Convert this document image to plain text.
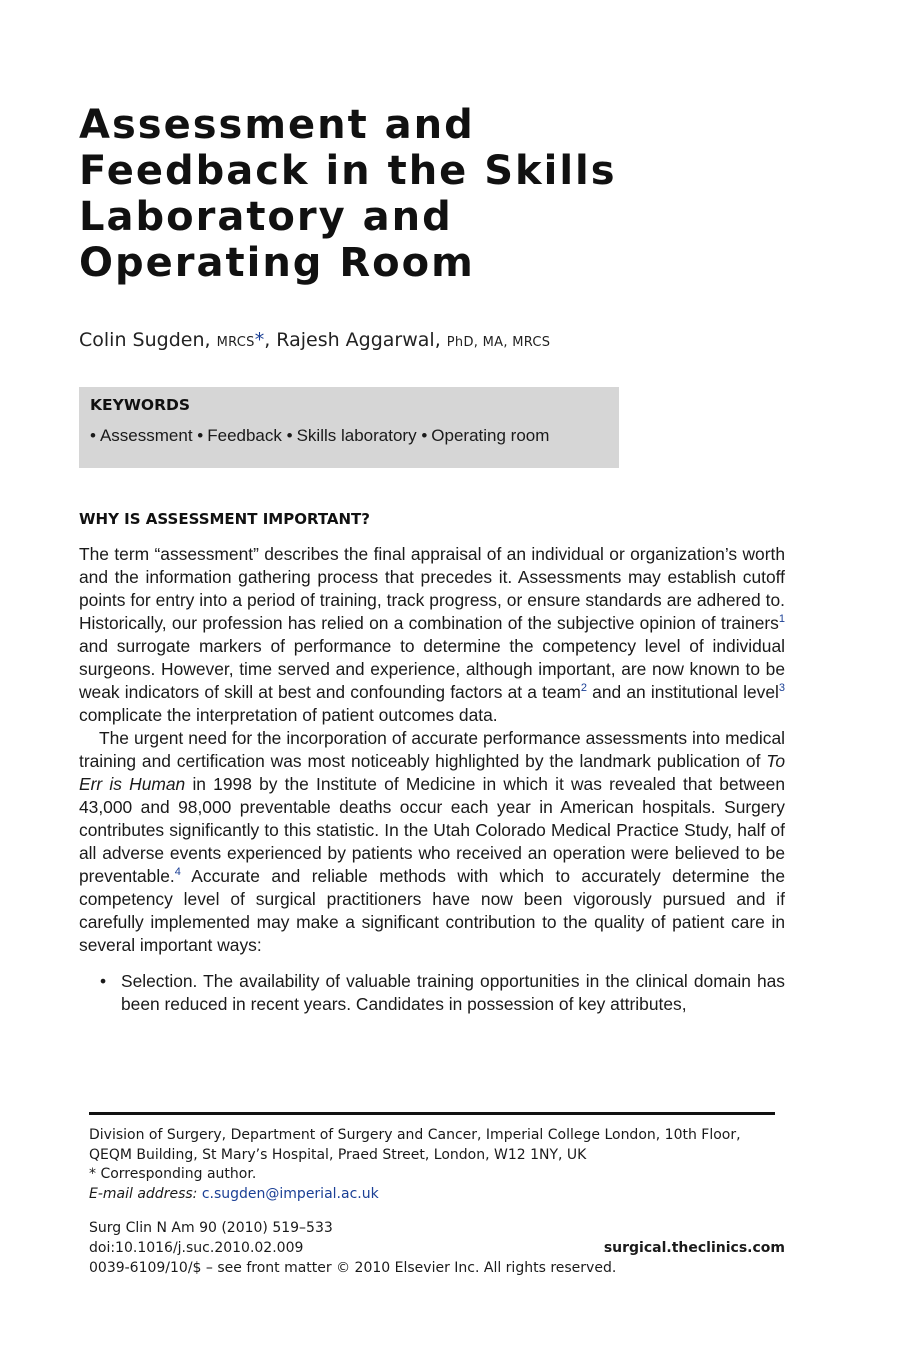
Assessment and
Feedback in the Skills
Laboratory and
Operating Room

Colin Sugden, MRCS*, Rajesh Aggarwal, PhD, MA, MRCS

KEYWORDS

• Assessment • Feedback • Skills laboratory • Operating room

WHY IS ASSESSMENT IMPORTANT?

The term “assessment” describes the final appraisal of an individual or organization’s worth and the information gathering process that precedes it. Assessments may establish cutoff points for entry into a period of training, track progress, or ensure standards are adhered to. Historically, our profession has relied on a combination of the subjective opinion of trainers$^1$ and surrogate markers of performance to determine the competency level of individual surgeons. However, time served and experience, although important, are now known to be weak indicators of skill at best and confounding factors at a team$^2$ and an institutional level$^3$ complicate the interpretation of patient outcomes data.

The urgent need for the incorporation of accurate performance assessments into medical training and certification was most noticeably highlighted by the landmark publication of To Err is Human in 1998 by the Institute of Medicine in which it was revealed that between 43,000 and 98,000 preventable deaths occur each year in American hospitals. Surgery contributes significantly to this statistic. In the Utah Colorado Medical Practice Study, half of all adverse events experienced by patients who received an operation were believed to be preventable.$^4$ Accurate and reliable methods with which to accurately determine the competency level of surgical practitioners have now been vigorously pursued and if carefully implemented may make a significant contribution to the quality of patient care in several important ways:

• Selection. The availability of valuable training opportunities in the clinical domain has been reduced in recent years. Candidates in possession of key attributes,

Division of Surgery, Department of Surgery and Cancer, Imperial College London, 10th Floor, QEQM Building, St Mary’s Hospital, Praed Street, London, W12 1NY, UK

* Corresponding author.

E-mail address: c.sugden@imperial.ac.uk

Surg Clin N Am 90 (2010) 519–533

doi:10.1016/j.suc.2010.02.009	surgical.theclinics.com

0039-6109/10/$ – see front matter © 2010 Elsevier Inc. All rights reserved.
